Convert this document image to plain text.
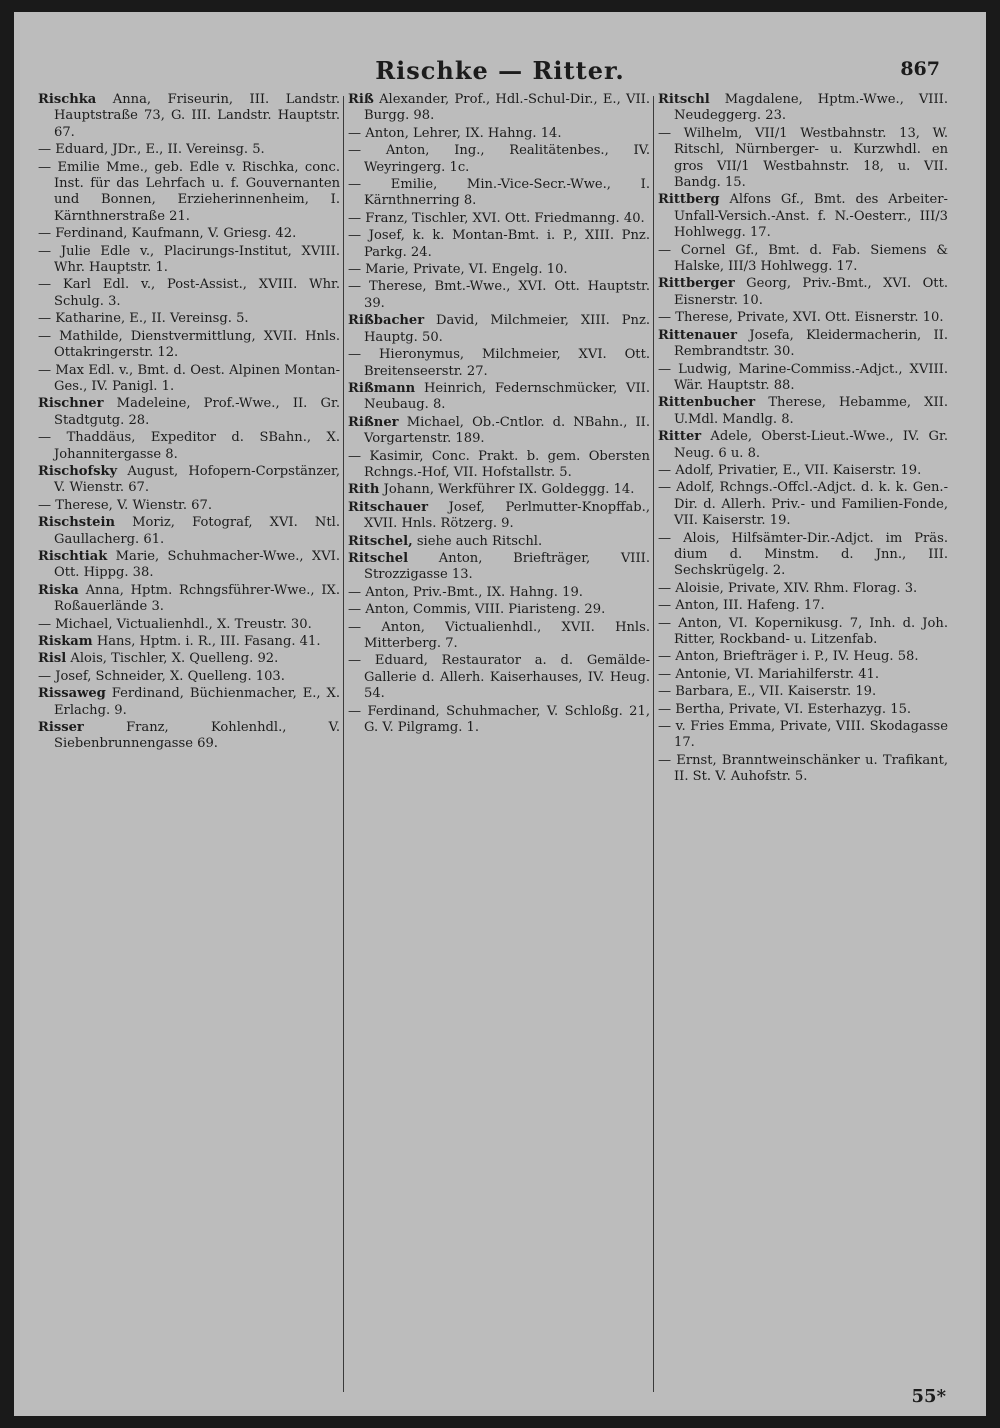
Rischke — Ritter.	867
Rischka Anna, Friseurin, III. Landstr. Hauptstraße 73, G. III. Landstr. Hauptstr. 67.
— Eduard, JDr., E., II. Vereinsg. 5.
— Emilie Mme., geb. Edle v. Rischka, conc. Inst. für das Lehrfach u. f. Gouvernanten und Bonnen, Erzieherinnenheim, I. Kärnthnerstraße 21.
— Ferdinand, Kaufmann, V. Griesg. 42.
— Julie Edle v., Placirungs-Institut, XVIII. Whr. Hauptstr. 1.
— Karl Edl. v., Post-Assist., XVIII. Whr. Schulg. 3.
— Katharine, E., II. Vereinsg. 5.
— Mathilde, Dienstvermittlung, XVII. Hnls. Ottakringerstr. 12.
— Max Edl. v., Bmt. d. Oest. Alpinen Montan-Ges., IV. Panigl. 1.
Rischner Madeleine, Prof.-Wwe., II. Gr. Stadtgutg. 28.
— Thaddäus, Expeditor d. SBahn., X. Johannitergasse 8.
Rischofsky August, Hofopern-Corpstänzer, V. Wienstr. 67.
— Therese, V. Wienstr. 67.
Rischstein Moriz, Fotograf, XVI. Ntl. Gaullacherg. 61.
Rischtiak Marie, Schuhmacher-Wwe., XVI. Ott. Hippg. 38.
Riska Anna, Hptm. Rchngsführer-Wwe., IX. Roßauerlände 3.
— Michael, Victualienhdl., X. Treustr. 30.
Riskam Hans, Hptm. i. R., III. Fasang. 41.
Risl Alois, Tischler, X. Quelleng. 92.
— Josef, Schneider, X. Quelleng. 103.
Rissaweg Ferdinand, Büchienmacher, E., X. Erlachg. 9.
Risser	Franz, Kohlenhdl., V. Siebenbrunnengasse 69.
Riß Alexander, Prof., Hdl.-Schul-Dir., E., VII. Burgg. 98.
— Anton, Lehrer, IX. Hahng. 14.
— Anton, Ing., Realitätenbes., IV. Weyringerg. 1c.
— Emilie, Min.-Vice-Secr.-Wwe., I. Kärnthnerring 8.
— Franz, Tischler, XVI. Ott. Friedmanng. 40.
— Josef, k. k. Montan-Bmt. i. P., XIII. Pnz. Parkg. 24.
— Marie, Private, VI. Engelg. 10.
— Therese, Bmt.-Wwe., XVI. Ott. Hauptstr. 39.
Rißbacher David, Milchmeier, XIII. Pnz. Hauptg. 50.
— Hieronymus, Milchmeier, XVI. Ott. Breitenseerstr. 27.
Rißmann Heinrich, Federnschmücker, VII. Neubaug. 8.
Rißner Michael, Ob.-Cntlor. d. NBahn., II. Vorgartenstr. 189.
— Kasimir, Conc. Prakt. b. gem. Obersten Rchngs.-Hof, VII. Hofstallstr. 5.
Rith Johann, Werkführer IX. Goldeggg. 14.
Ritschauer Josef, Perlmutter-Knopffab., XVII. Hnls. Rötzerg. 9.
Ritschel, siehe auch Ritschl.
Ritschel Anton, Briefträger, VIII. Strozzigasse 13.
— Anton, Priv.-Bmt., IX. Hahng. 19.
— Anton, Commis, VIII. Piaristeng. 29.
— Anton, Victualienhdl., XVII. Hnls. Mitterberg. 7.
— Eduard, Restaurator a. d. Gemälde-Gallerie d. Allerh. Kaiserhauses, IV. Heug. 54.
— Ferdinand, Schuhmacher, V. Schloßg. 21, G. V. Pilgramg. 1.
Ritschl Magdalene, Hptm.-Wwe., VIII. Neudeggerg. 23.
— Wilhelm, VII/1 Westbahnstr. 13, W. Ritschl, Nürnberger- u. Kurzwhdl. en gros VII/1 Westbahnstr. 18, u. VII. Bandg. 15.
Rittberg Alfons Gf., Bmt. des Arbeiter-Unfall-Versich.-Anst. f. N.-Oesterr., III/3 Hohlwegg. 17.
— Cornel Gf., Bmt. d. Fab. Siemens & Halske, III/3 Hohlwegg. 17.
Rittberger Georg, Priv.-Bmt., XVI. Ott. Eisnerstr. 10.
— Therese, Private, XVI. Ott. Eisnerstr. 10.
Rittenauer Josefa, Kleidermacherin, II. Rembrandtstr. 30.
— Ludwig, Marine-Commiss.-Adjct., XVIII. Wär. Hauptstr. 88.
Rittenbucher Therese, Hebamme, XII. U.Mdl. Mandlg. 8.
Ritter Adele, Oberst-Lieut.-Wwe., IV. Gr. Neug. 6 u. 8.
— Adolf, Privatier, E., VII. Kaiserstr. 19.
— Adolf, Rchngs.-Offcl.-Adjct. d. k. k. Gen.-Dir. d. Allerh. Priv.- und Familien-Fonde, VII. Kaiserstr. 19.
— Alois, Hilfsämter-Dir.-Adjct. im Präs. dium d. Minstm. d. Jnn., III. Sechskrügelg. 2.
— Aloisie, Private, XIV. Rhm. Florag. 3.
— Anton, III. Hafeng. 17.
— Anton, VI. Kopernikusg. 7, Inh. d. Joh. Ritter, Rockband- u. Litzenfab.
— Anton, Briefträger i. P., IV. Heug. 58.
— Antonie, VI. Mariahilferstr. 41.
— Barbara, E., VII. Kaiserstr. 19.
— Bertha, Private, VI. Esterhazyg. 15.
— v. Fries Emma, Private, VIII. Skodagasse 17.
— Ernst, Branntweinschänker u. Trafikant, II. St. V. Auhofstr. 5.
55*
